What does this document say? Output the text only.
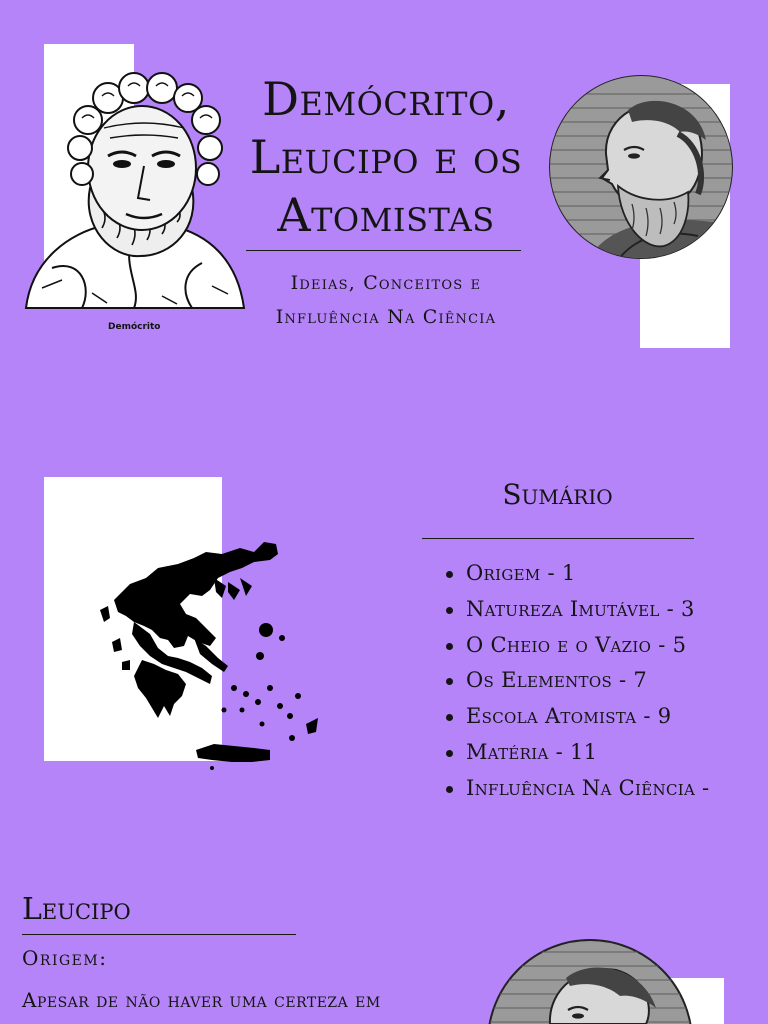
Demócrito
Demócrito,
Leucipo e os
Atomistas
Ideias, Conceitos e
Influência Na Ciência
Sumário
Origem - 1
Natureza Imutável - 3
O Cheio e o Vazio - 5
Os Elementos - 7
Escola Atomista - 9
Matéria - 11
Influência Na Ciência -
Leucipo
Origem:
Apesar de não haver uma certeza em
